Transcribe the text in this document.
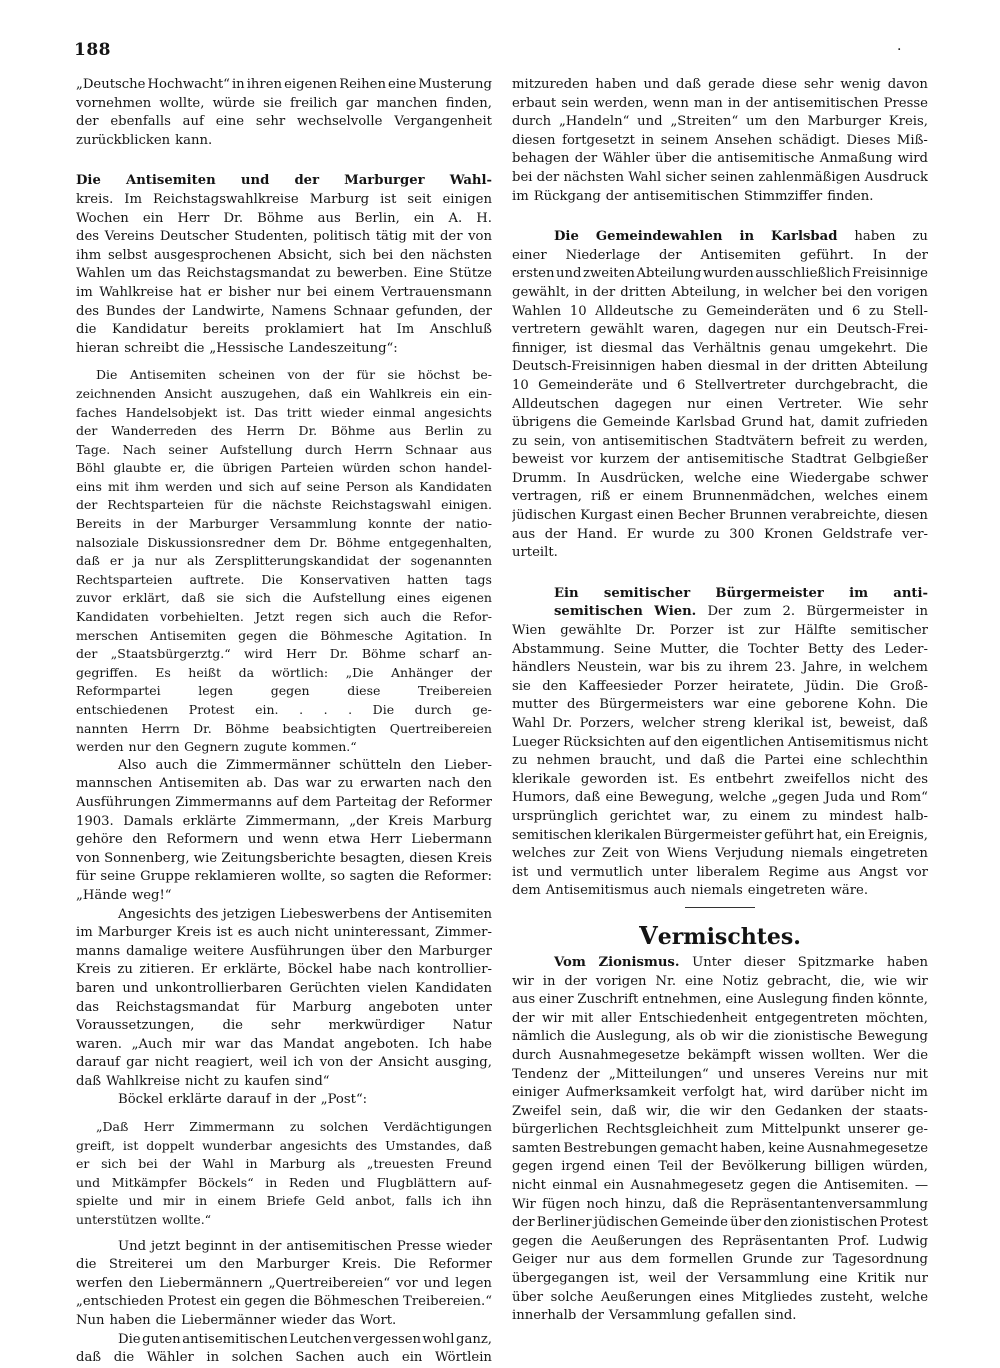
188	·
„Deutsche Hochwacht“ in ihren eigenen Reihen eine Musterung
vornehmen wollte, würde sie freilich gar manchen finden,
der ebenfalls auf eine sehr wechselvolle Vergangenheit
zurückblicken kann.
Die Antisemiten und der Marburger Wahl-
kreis. Im Reichstagswahlkreise Marburg ist seit einigen
Wochen ein Herr Dr. Böhme aus Berlin, ein A. H.
des Vereins Deutscher Studenten, politisch tätig mit der von
ihm selbst ausgesprochenen Absicht, sich bei den nächsten
Wahlen um das Reichstagsmandat zu bewerben. Eine Stütze
im Wahlkreise hat er bisher nur bei einem Vertrauensmann
des Bundes der Landwirte, Namens Schnaar gefunden, der
die Kandidatur bereits proklamiert hat Im Anschluß
hieran schreibt die „Hessische Landeszeitung“:
Die Antisemiten scheinen von der für sie höchst be-
zeichnenden Ansicht auszugehen, daß ein Wahlkreis ein ein-
faches Handelsobjekt ist. Das tritt wieder einmal angesichts
der Wanderreden des Herrn Dr. Böhme aus Berlin zu
Tage. Nach seiner Aufstellung durch Herrn Schnaar aus
Böhl glaubte er, die übrigen Parteien würden schon handel-
eins mit ihm werden und sich auf seine Person als Kandidaten
der Rechtsparteien für die nächste Reichstagswahl einigen.
Bereits in der Marburger Versammlung konnte der natio-
nalsoziale Diskussionsredner dem Dr. Böhme entgegenhalten,
daß er ja nur als Zersplitterungskandidat der sogenannten
Rechtsparteien auftrete. Die Konservativen hatten tags
zuvor erklärt, daß sie sich die Aufstellung eines eigenen
Kandidaten vorbehielten. Jetzt regen sich auch die Refor-
merschen Antisemiten gegen die Böhmesche Agitation. In
der „Staatsbürgerztg.“ wird Herr Dr. Böhme scharf an-
gegriffen. Es heißt da wörtlich: „Die Anhänger der
Reformpartei	legen	gegen	diese	Treibereien
entschiedenen Protest ein. . . . Die durch ge-
nannten Herrn Dr. Böhme beabsichtigten Quertreibereien
werden nur den Gegnern zugute kommen.“
Also auch die Zimmermänner schütteln den Lieber-
mannschen Antisemiten ab. Das war zu erwarten nach den
Ausführungen Zimmermanns auf dem Parteitag der Reformer
1903. Damals erklärte Zimmermann, „der Kreis Marburg
gehöre den Reformern und wenn etwa Herr Liebermann
von Sonnenberg, wie Zeitungsberichte besagten, diesen Kreis
für seine Gruppe reklamieren wollte, so sagten die Reformer:
„Hände weg!“
Angesichts des jetzigen Liebeswerbens der Antisemiten
im Marburger Kreis ist es auch nicht uninteressant, Zimmer-
manns damalige weitere Ausführungen über den Marburger
Kreis zu zitieren. Er erklärte, Böckel habe nach kontrollier-
baren und unkontrollierbaren Gerüchten vielen Kandidaten
das Reichstagsmandat für Marburg angeboten unter
Voraussetzungen, die sehr merkwürdiger Natur
waren. „Auch mir war das Mandat angeboten. Ich habe
darauf gar nicht reagiert, weil ich von der Ansicht ausging,
daß Wahlkreise nicht zu kaufen sind“
Böckel erklärte darauf in der „Post“:
„Daß Herr Zimmermann zu solchen Verdächtigungen
greift, ist doppelt wunderbar angesichts des Umstandes, daß
er sich bei der Wahl in Marburg als „treuesten Freund
und Mitkämpfer Böckels“ in Reden und Flugblättern auf-
spielte und mir in einem Briefe Geld anbot, falls ich ihn
unterstützen wollte.“
Und jetzt beginnt in der antisemitischen Presse wieder
die Streiterei um den Marburger Kreis. Die Reformer
werfen den Liebermännern „Quertreibereien“ vor und legen
„entschieden Protest ein gegen die Böhmeschen Treibereien.“
Nun haben die Liebermänner wieder das Wort.
Die guten antisemitischen Leutchen vergessen wohl ganz,
daß die Wähler in solchen Sachen auch ein Wörtlein
mitzureden haben und daß gerade diese sehr wenig davon
erbaut sein werden, wenn man in der antisemitischen Presse
durch „Handeln“ und „Streiten“ um den Marburger Kreis,
diesen fortgesetzt in seinem Ansehen schädigt. Dieses Miß-
behagen der Wähler über die antisemitische Anmaßung wird
bei der nächsten Wahl sicher seinen zahlenmäßigen Ausdruck
im Rückgang der antisemitischen Stimmziffer finden.
Die Gemeindewahlen in Karlsbad haben zu
einer Niederlage der Antisemiten geführt. In der
ersten und zweiten Abteilung wurden ausschließlich Freisinnige
gewählt, in der dritten Abteilung, in welcher bei den vorigen
Wahlen 10 Alldeutsche zu Gemeinderäten und 6 zu Stell-
vertretern gewählt waren, dagegen nur ein Deutsch-Frei-
finniger, ist diesmal das Verhältnis genau umgekehrt. Die
Deutsch-Freisinnigen haben diesmal in der dritten Abteilung
10 Gemeinderäte und 6 Stellvertreter durchgebracht, die
Alldeutschen dagegen nur einen Vertreter. Wie sehr
übrigens die Gemeinde Karlsbad Grund hat, damit zufrieden
zu sein, von antisemitischen Stadtvätern befreit zu werden,
beweist vor kurzem der antisemitische Stadtrat Gelbgießer
Drumm. In Ausdrücken, welche eine Wiedergabe schwer
vertragen, riß er einem Brunnenmädchen, welches einem
jüdischen Kurgast einen Becher Brunnen verabreichte, diesen
aus der Hand. Er wurde zu 300 Kronen Geldstrafe ver-
urteilt.
Ein semitischer Bürgermeister im anti-
semitischen Wien. Der zum 2. Bürgermeister in
Wien gewählte Dr. Porzer ist zur Hälfte semitischer
Abstammung. Seine Mutter, die Tochter Betty des Leder-
händlers Neustein, war bis zu ihrem 23. Jahre, in welchem
sie den Kaffeesieder Porzer heiratete, Jüdin. Die Groß-
mutter des Bürgermeisters war eine geborene Kohn. Die
Wahl Dr. Porzers, welcher streng klerikal ist, beweist, daß
Lueger Rücksichten auf den eigentlichen Antisemitismus nicht
zu nehmen braucht, und daß die Partei eine schlechthin
klerikale geworden ist. Es entbehrt zweifellos nicht des
Humors, daß eine Bewegung, welche „gegen Juda und Rom“
ursprünglich gerichtet war, zu einem zu mindest halb-
semitischen klerikalen Bürgermeister geführt hat, ein Ereignis,
welches zur Zeit von Wiens Verjudung niemals eingetreten
ist und vermutlich unter liberalem Regime aus Angst vor
dem Antisemitismus auch niemals eingetreten wäre.
Vermischtes.
Vom Zionismus. Unter dieser Spitzmarke haben
wir in der vorigen Nr. eine Notiz gebracht, die, wie wir
aus einer Zuschrift entnehmen, eine Auslegung finden könnte,
der wir mit aller Entschiedenheit entgegentreten möchten,
nämlich die Auslegung, als ob wir die zionistische Bewegung
durch Ausnahmegesetze bekämpft wissen wollten. Wer die
Tendenz der „Mitteilungen“ und unseres Vereins nur mit
einiger Aufmerksamkeit verfolgt hat, wird darüber nicht im
Zweifel sein, daß wir, die wir den Gedanken der staats-
bürgerlichen Rechtsgleichheit zum Mittelpunkt unserer ge-
samten Bestrebungen gemacht haben, keine Ausnahmegesetze
gegen irgend einen Teil der Bevölkerung billigen würden,
nicht einmal ein Ausnahmegesetz gegen die Antisemiten. —
Wir fügen noch hinzu, daß die Repräsentantenversammlung
der Berliner jüdischen Gemeinde über den zionistischen Protest
gegen die Aeußerungen des Repräsentanten Prof. Ludwig
Geiger nur aus dem formellen Grunde zur Tagesordnung
übergegangen ist, weil der Versammlung eine Kritik nur
über solche Aeußerungen eines Mitgliedes zusteht, welche
innerhalb der Versammlung gefallen sind.
